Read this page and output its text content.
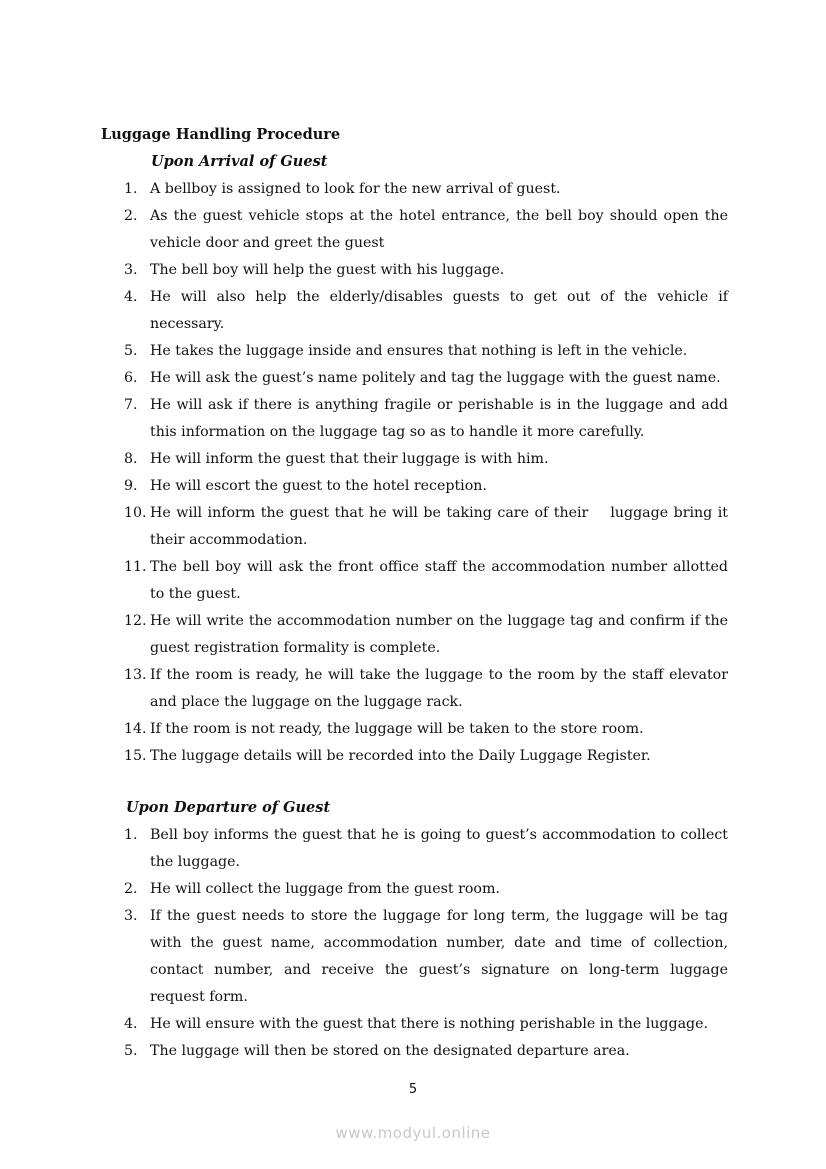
Luggage Handling Procedure
Upon Arrival of Guest
1. A bellboy is assigned to look for the new arrival of guest.
2. As the guest vehicle stops at the hotel entrance, the bell boy should open the vehicle door and greet the guest
3. The bell boy will help the guest with his luggage.
4. He will also help the elderly/disables guests to get out of the vehicle if necessary.
5. He takes the luggage inside and ensures that nothing is left in the vehicle.
6. He will ask the guest’s name politely and tag the luggage with the guest name.
7. He will ask if there is anything fragile or perishable is in the luggage and add this information on the luggage tag so as to handle it more carefully.
8. He will inform the guest that their luggage is with him.
9. He will escort the guest to the hotel reception.
10. He will inform the guest that he will be taking care of their    luggage bring it their accommodation.
11. The bell boy will ask the front office staff the accommodation number allotted to the guest.
12. He will write the accommodation number on the luggage tag and confirm if the guest registration formality is complete.
13. If the room is ready, he will take the luggage to the room by the staff elevator and place the luggage on the luggage rack.
14. If the room is not ready, the luggage will be taken to the store room.
15. The luggage details will be recorded into the Daily Luggage Register.
Upon Departure of Guest
1. Bell boy informs the guest that he is going to guest’s accommodation to collect the luggage.
2. He will collect the luggage from the guest room.
3. If the guest needs to store the luggage for long term, the luggage will be tag with the guest name, accommodation number, date and time of collection, contact number, and receive the guest’s signature on long-term luggage request form.
4. He will ensure with the guest that there is nothing perishable in the luggage.
5. The luggage will then be stored on the designated departure area.
5
www.modyul.online
